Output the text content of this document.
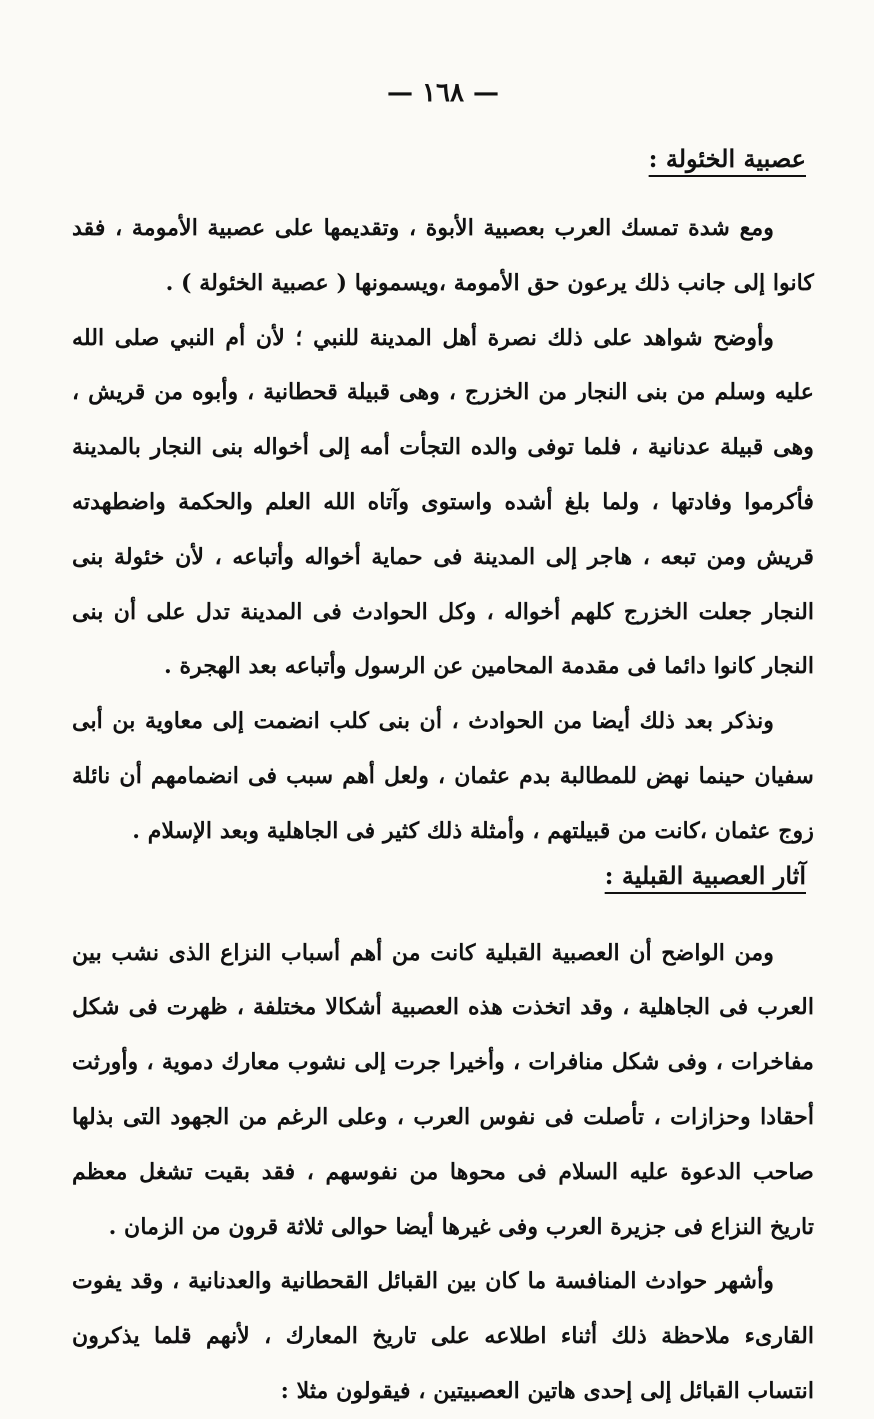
— ١٦٨ —
عصبية الخئولة :

ومع شدة تمسك العرب بعصبية الأبوة ، وتقديمها على عصبية الأمومة ، فقد كانوا إلى جانب ذلك يرعون حق الأمومة ،ويسمونها ( عصبية الخئولة ) .

وأوضح شواهد على ذلك نصرة أهل المدينة للنبي ؛ لأن أم النبي صلى الله عليه وسلم من بنى النجار من الخزرج ، وهى قبيلة قحطانية ، وأبوه من قريش ، وهى قبيلة عدنانية ، فلما توفى والده التجأت أمه إلى أخواله بنى النجار بالمدينة فأكرموا وفادتها ، ولما بلغ أشده واستوى وآتاه الله العلم والحكمة واضطهدته قريش ومن تبعه ، هاجر إلى المدينة فى حماية أخواله وأتباعه ، لأن خئولة بنى النجار جعلت الخزرج كلهم أخواله ، وكل الحوادث فى المدينة تدل على أن بنى النجار كانوا دائما فى مقدمة المحامين عن الرسول وأتباعه بعد الهجرة .

ونذكر بعد ذلك أيضا من الحوادث ، أن بنى كلب انضمت إلى معاوية بن أبى سفيان حينما نهض للمطالبة بدم عثمان ، ولعل أهم سبب فى انضمامهم أن نائلة زوج عثمان ،كانت من قبيلتهم ، وأمثلة ذلك كثير فى الجاهلية وبعد الإسلام .

آثار العصبية القبلية :

ومن الواضح أن العصبية القبلية كانت من أهم أسباب النزاع الذى نشب بين العرب فى الجاهلية ، وقد اتخذت هذه العصبية أشكالا مختلفة ، ظهرت فى شكل مفاخرات ، وفى شكل منافرات ، وأخيرا جرت إلى نشوب معارك دموية ، وأورثت أحقادا وحزازات ، تأصلت فى نفوس العرب ، وعلى الرغم من الجهود التى بذلها صاحب الدعوة عليه السلام فى محوها من نفوسهم ، فقد بقيت تشغل معظم تاريخ النزاع فى جزيرة العرب وفى غيرها أيضا حوالى ثلاثة قرون من الزمان .

وأشهر حوادث المنافسة ما كان بين القبائل القحطانية والعدنانية ، وقد يفوت القارىء ملاحظة ذلك أثناء اطلاعه على تاريخ المعارك ، لأنهم قلما يذكرون انتساب القبائل إلى إحدى هاتين العصبيتين ، فيقولون مثلا :
